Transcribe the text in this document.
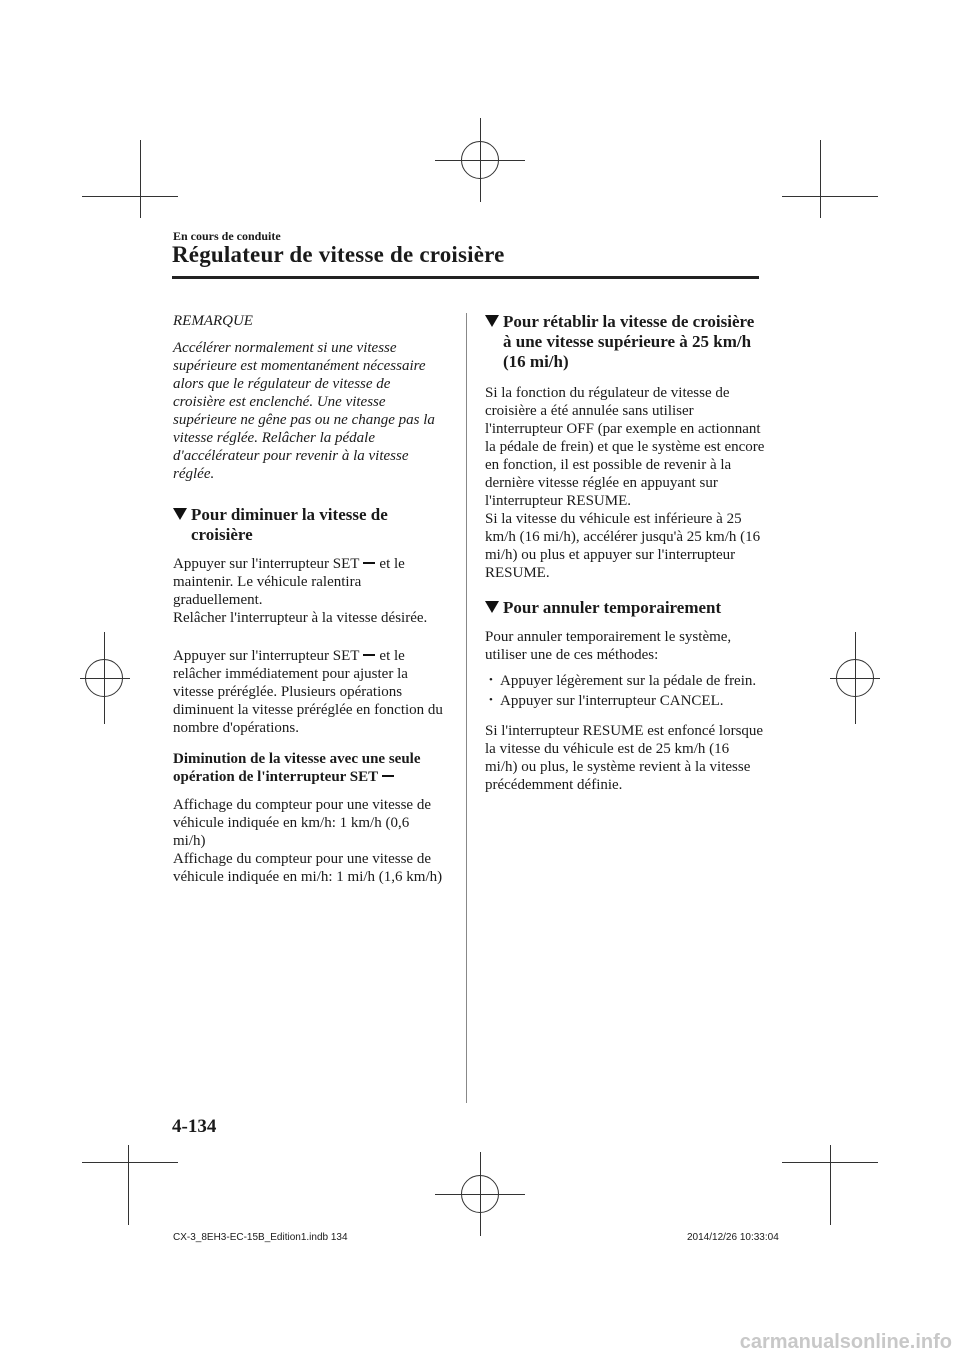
En cours de conduite
Régulateur de vitesse de croisière

REMARQUE

Accélérer normalement si une vitesse supérieure est momentanément nécessaire alors que le régulateur de vitesse de croisière est enclenché. Une vitesse supérieure ne gêne pas ou ne change pas la vitesse réglée. Relâcher la pédale d'accélérateur pour revenir à la vitesse réglée.

Pour diminuer la vitesse de croisière

Appuyer sur l'interrupteur SET et le maintenir. Le véhicule ralentira graduellement.
Relâcher l'interrupteur à la vitesse désirée.

Appuyer sur l'interrupteur SET et le relâcher immédiatement pour ajuster la vitesse préréglée. Plusieurs opérations diminuent la vitesse préréglée en fonction du nombre d'opérations.

Diminution de la vitesse avec une seule opération de l'interrupteur SET

Affichage du compteur pour une vitesse de véhicule indiquée en km/h: 1 km/h (0,6 mi/h)

Affichage du compteur pour une vitesse de véhicule indiquée en mi/h: 1 mi/h (1,6 km/h)

Pour rétablir la vitesse de croisière à une vitesse supérieure à 25 km/h (16 mi/h)

Si la fonction du régulateur de vitesse de croisière a été annulée sans utiliser l'interrupteur OFF (par exemple en actionnant la pédale de frein) et que le système est encore en fonction, il est possible de revenir à la dernière vitesse réglée en appuyant sur l'interrupteur RESUME.

Si la vitesse du véhicule est inférieure à 25 km/h (16 mi/h), accélérer jusqu'à 25 km/h (16 mi/h) ou plus et appuyer sur l'interrupteur RESUME.

Pour annuler temporairement

Pour annuler temporairement le système, utiliser une de ces méthodes:

• Appuyer légèrement sur la pédale de frein.
• Appuyer sur l'interrupteur CANCEL.

Si l'interrupteur RESUME est enfoncé lorsque la vitesse du véhicule est de 25 km/h (16 mi/h) ou plus, le système revient à la vitesse précédemment définie.

4-134
CX-3_8EH3-EC-15B_Edition1.indb 134	2014/12/26 10:33:04
carmanualsonline.info
